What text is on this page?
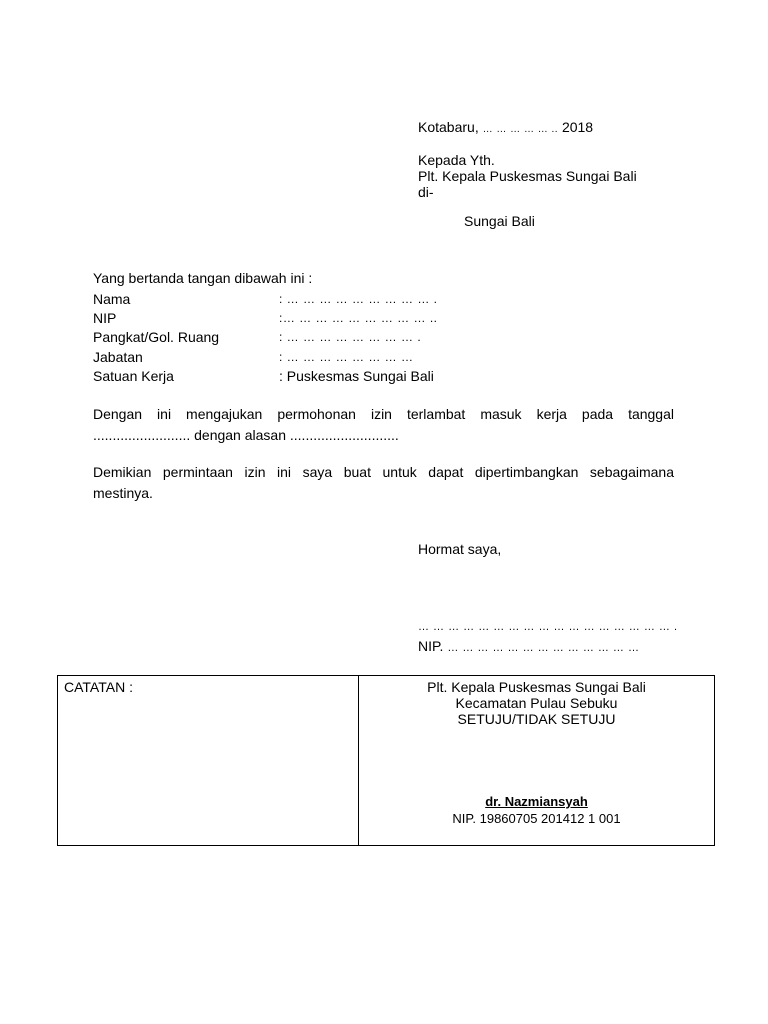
Kotabaru, … … … … … .. 2018
Kepada Yth.
Plt. Kepala Puskesmas Sungai Bali
di-
Sungai Bali
Yang bertanda tangan dibawah ini :
Nama	: … … … … … … … … … .
NIP	:… … … … … … … … … ..
Pangkat/Gol. Ruang	: … … … … … … … … .
Jabatan	: … … … … … … … …
Satuan Kerja	: Puskesmas Sungai Bali
Dengan ini mengajukan permohonan izin terlambat masuk kerja pada tanggal
......................... dengan alasan ............................
Demikian permintaan izin ini saya buat untuk dapat dipertimbangkan sebagaimana
mestinya.
Hormat saya,
… … … … … … … … … … … … … … … … … .
NIP. … … … … … … … … … … … … …
CATATAN :	Plt. Kepala Puskesmas Sungai Bali
Kecamatan Pulau Sebuku
SETUJU/TIDAK SETUJU
dr. Nazmiansyah
NIP. 19860705 201412 1 001
